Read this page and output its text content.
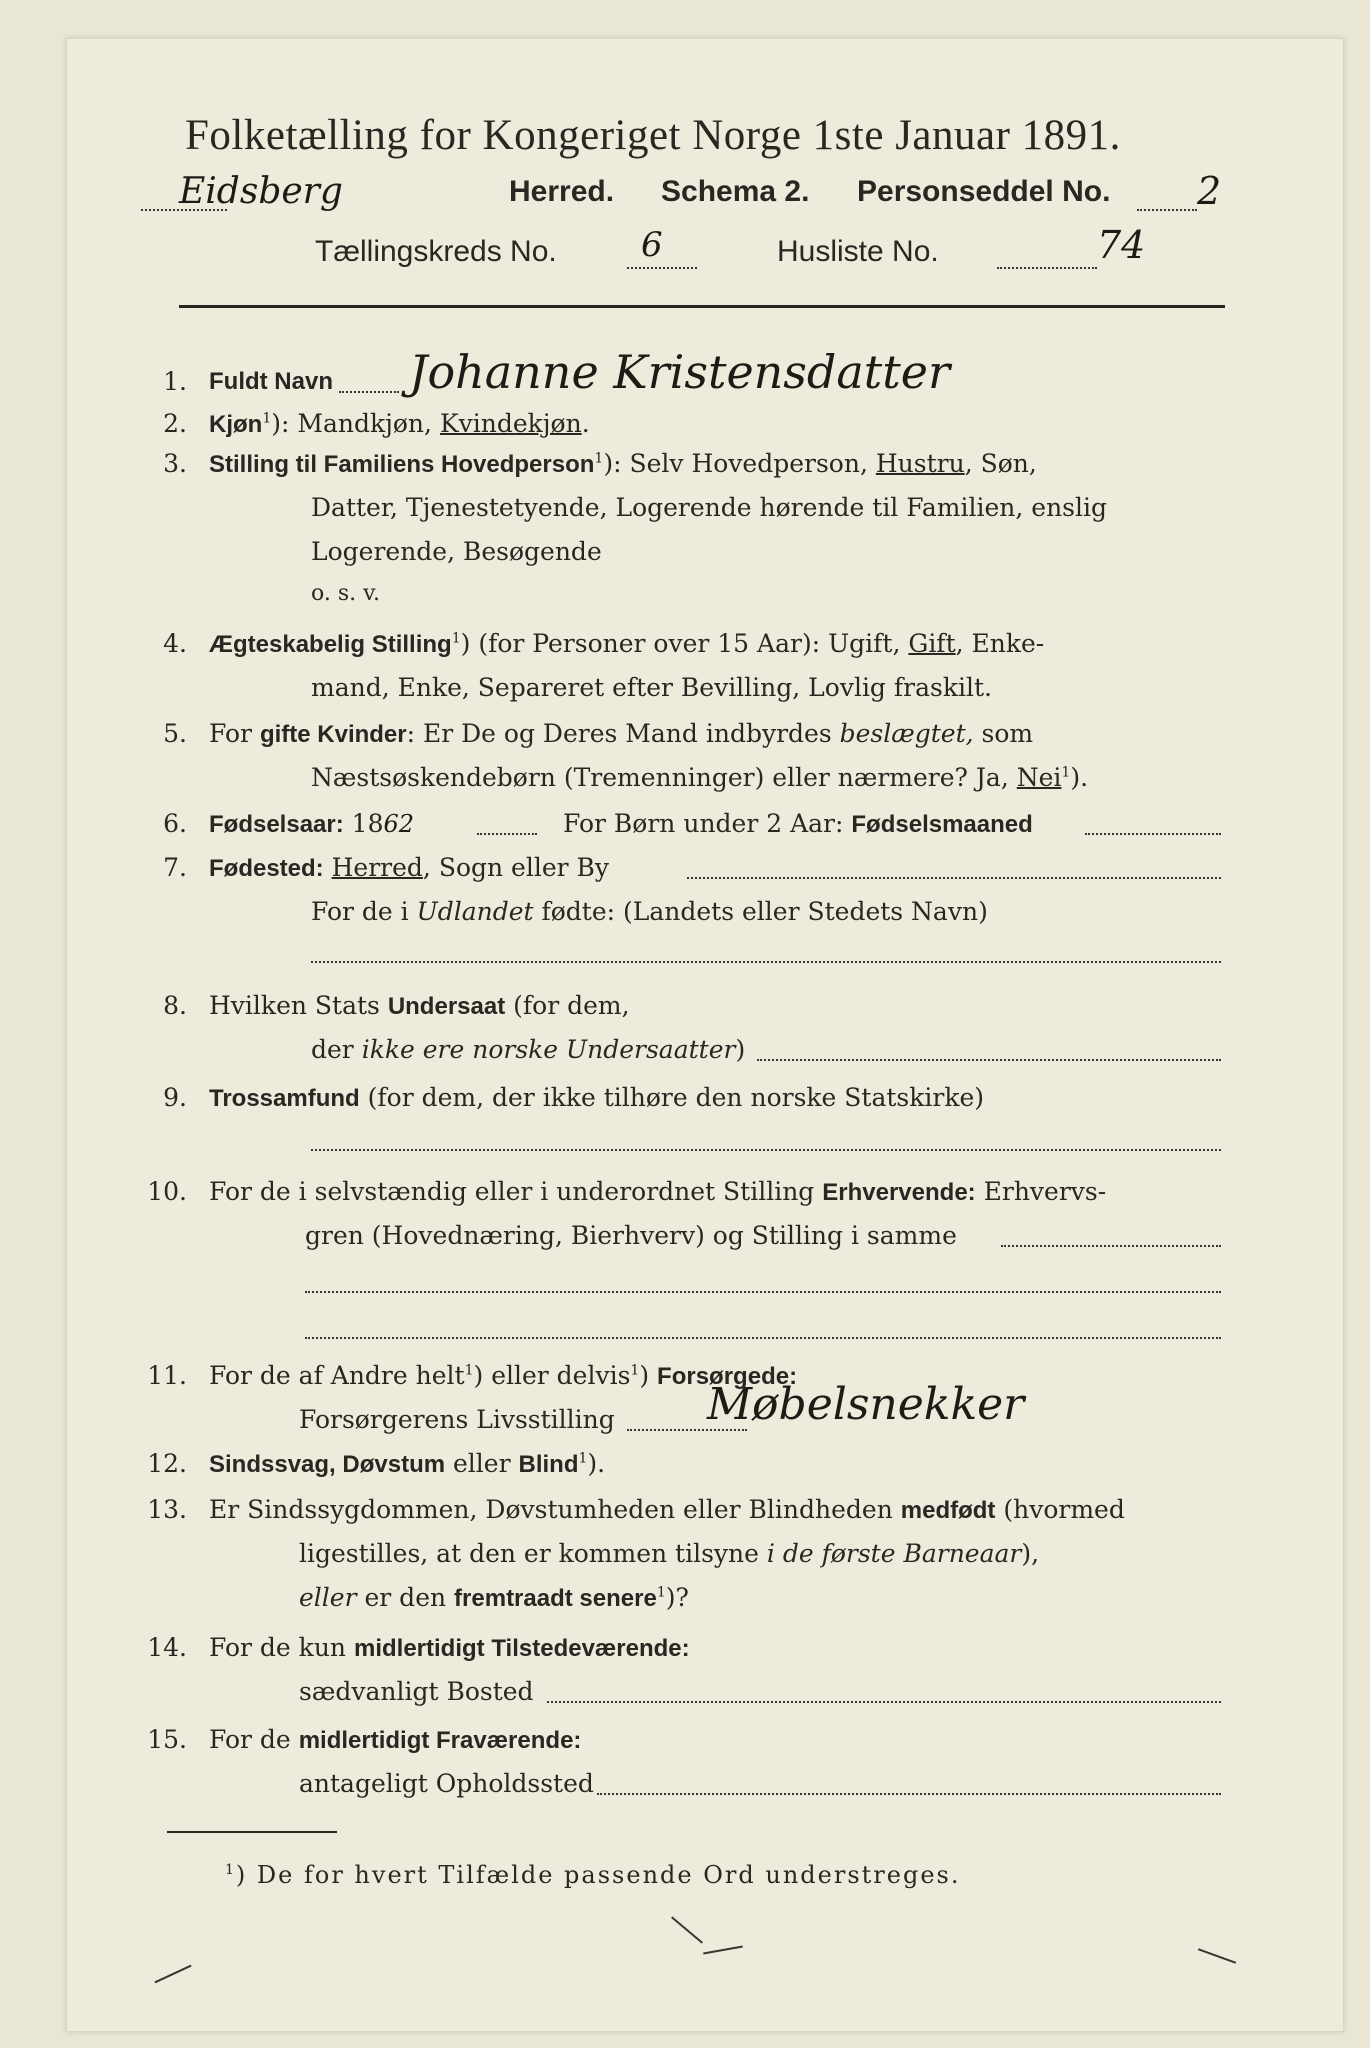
Folketælling for Kongeriget Norge 1ste Januar 1891.
Eidsberg	Herred. Schema 2. Personseddel No. 2
Tællingskreds No. 6	Husliste No.	74
1. Fuldt Navn Johanne Kristensdatter
2. Kjøn$^1$): Mandkjøn, Kvindekjøn.
3. Stilling til Familiens Hovedperson$^1$): Selv Hovedperson, Hustru, Søn,
Datter, Tjenestetyende, Logerende hørende til Familien, enslig
Logerende, Besøgende
o. s. v.
4. Ægteskabelig Stilling$^1$) (for Personer over 15 Aar): Ugift, Gift, Enke-
mand, Enke, Separeret efter Bevilling, Lovlig fraskilt.
5. For gifte Kvinder: Er De og Deres Mand indbyrdes beslægtet, som
Næstsøskendebørn (Tremenninger) eller nærmere? Ja, Nei$^1$).
6. Fødselsaar: 1862	For Børn under 2 Aar: Fødselsmaaned
7. Fødested: Herred, Sogn eller By
For de i Udlandet fødte: (Landets eller Stedets Navn)
8. Hvilken Stats Undersaat (for dem,
der ikke ere norske Undersaatter)
9. Trossamfund (for dem, der ikke tilhøre den norske Statskirke)
10. For de i selvstændig eller i underordnet Stilling Erhvervende: Erhvervs-
gren (Hovednæring, Bierhverv) og Stilling i samme
11. For de af Andre helt$^1$) eller delvis$^1$) Forsørgede:
Forsørgerens Livsstilling Møbelsnekker
12. Sindssvag, Døvstum eller Blind$^1$).
13. Er Sindssygdommen, Døvstumheden eller Blindheden medfødt (hvormed
ligestilles, at den er kommen tilsyne i de første Barneaar),
eller er den fremtraadt senere$^1$)?
14. For de kun midlertidigt Tilstedeværende:
sædvanligt Bosted
15. For de midlertidigt Fraværende:
antageligt Opholdssted
$^1$) De for hvert Tilfælde passende Ord understreges.
